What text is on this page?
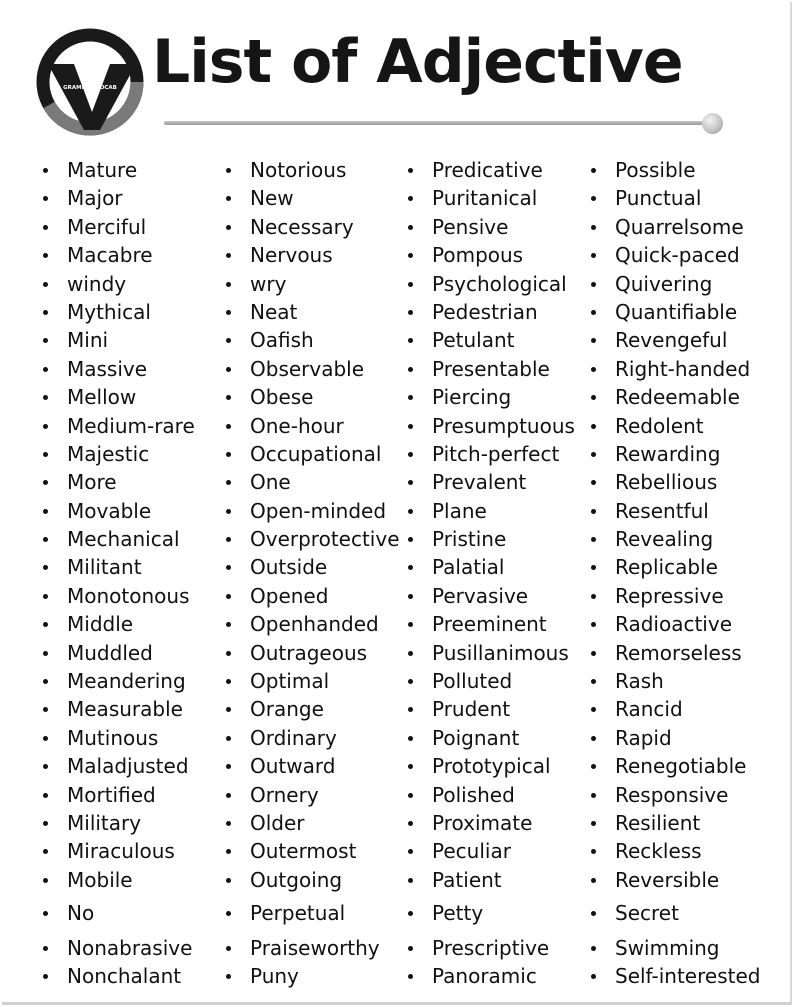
GRAMMARVOCAB List of Adjective
Mature
Major
Merciful
Macabre
windy
Mythical
Mini
Massive
Mellow
Medium-rare
Majestic
More
Movable
Mechanical
Militant
Monotonous
Middle
Muddled
Meandering
Measurable
Mutinous
Maladjusted
Mortified
Military
Miraculous
Mobile
No
Nonabrasive
Nonchalant
Notorious
New
Necessary
Nervous
wry
Neat
Oafish
Observable
Obese
One-hour
Occupational
One
Open-minded
Overprotective
Outside
Opened
Openhanded
Outrageous
Optimal
Orange
Ordinary
Outward
Ornery
Older
Outermost
Outgoing
Perpetual
Praiseworthy
Puny
Predicative
Puritanical
Pensive
Pompous
Psychological
Pedestrian
Petulant
Presentable
Piercing
Presumptuous
Pitch-perfect
Prevalent
Plane
Pristine
Palatial
Pervasive
Preeminent
Pusillanimous
Polluted
Prudent
Poignant
Prototypical
Polished
Proximate
Peculiar
Patient
Petty
Prescriptive
Panoramic
Possible
Punctual
Quarrelsome
Quick-paced
Quivering
Quantifiable
Revengeful
Right-handed
Redeemable
Redolent
Rewarding
Rebellious
Resentful
Revealing
Replicable
Repressive
Radioactive
Remorseless
Rash
Rancid
Rapid
Renegotiable
Responsive
Resilient
Reckless
Reversible
Secret
Swimming
Self-interested
